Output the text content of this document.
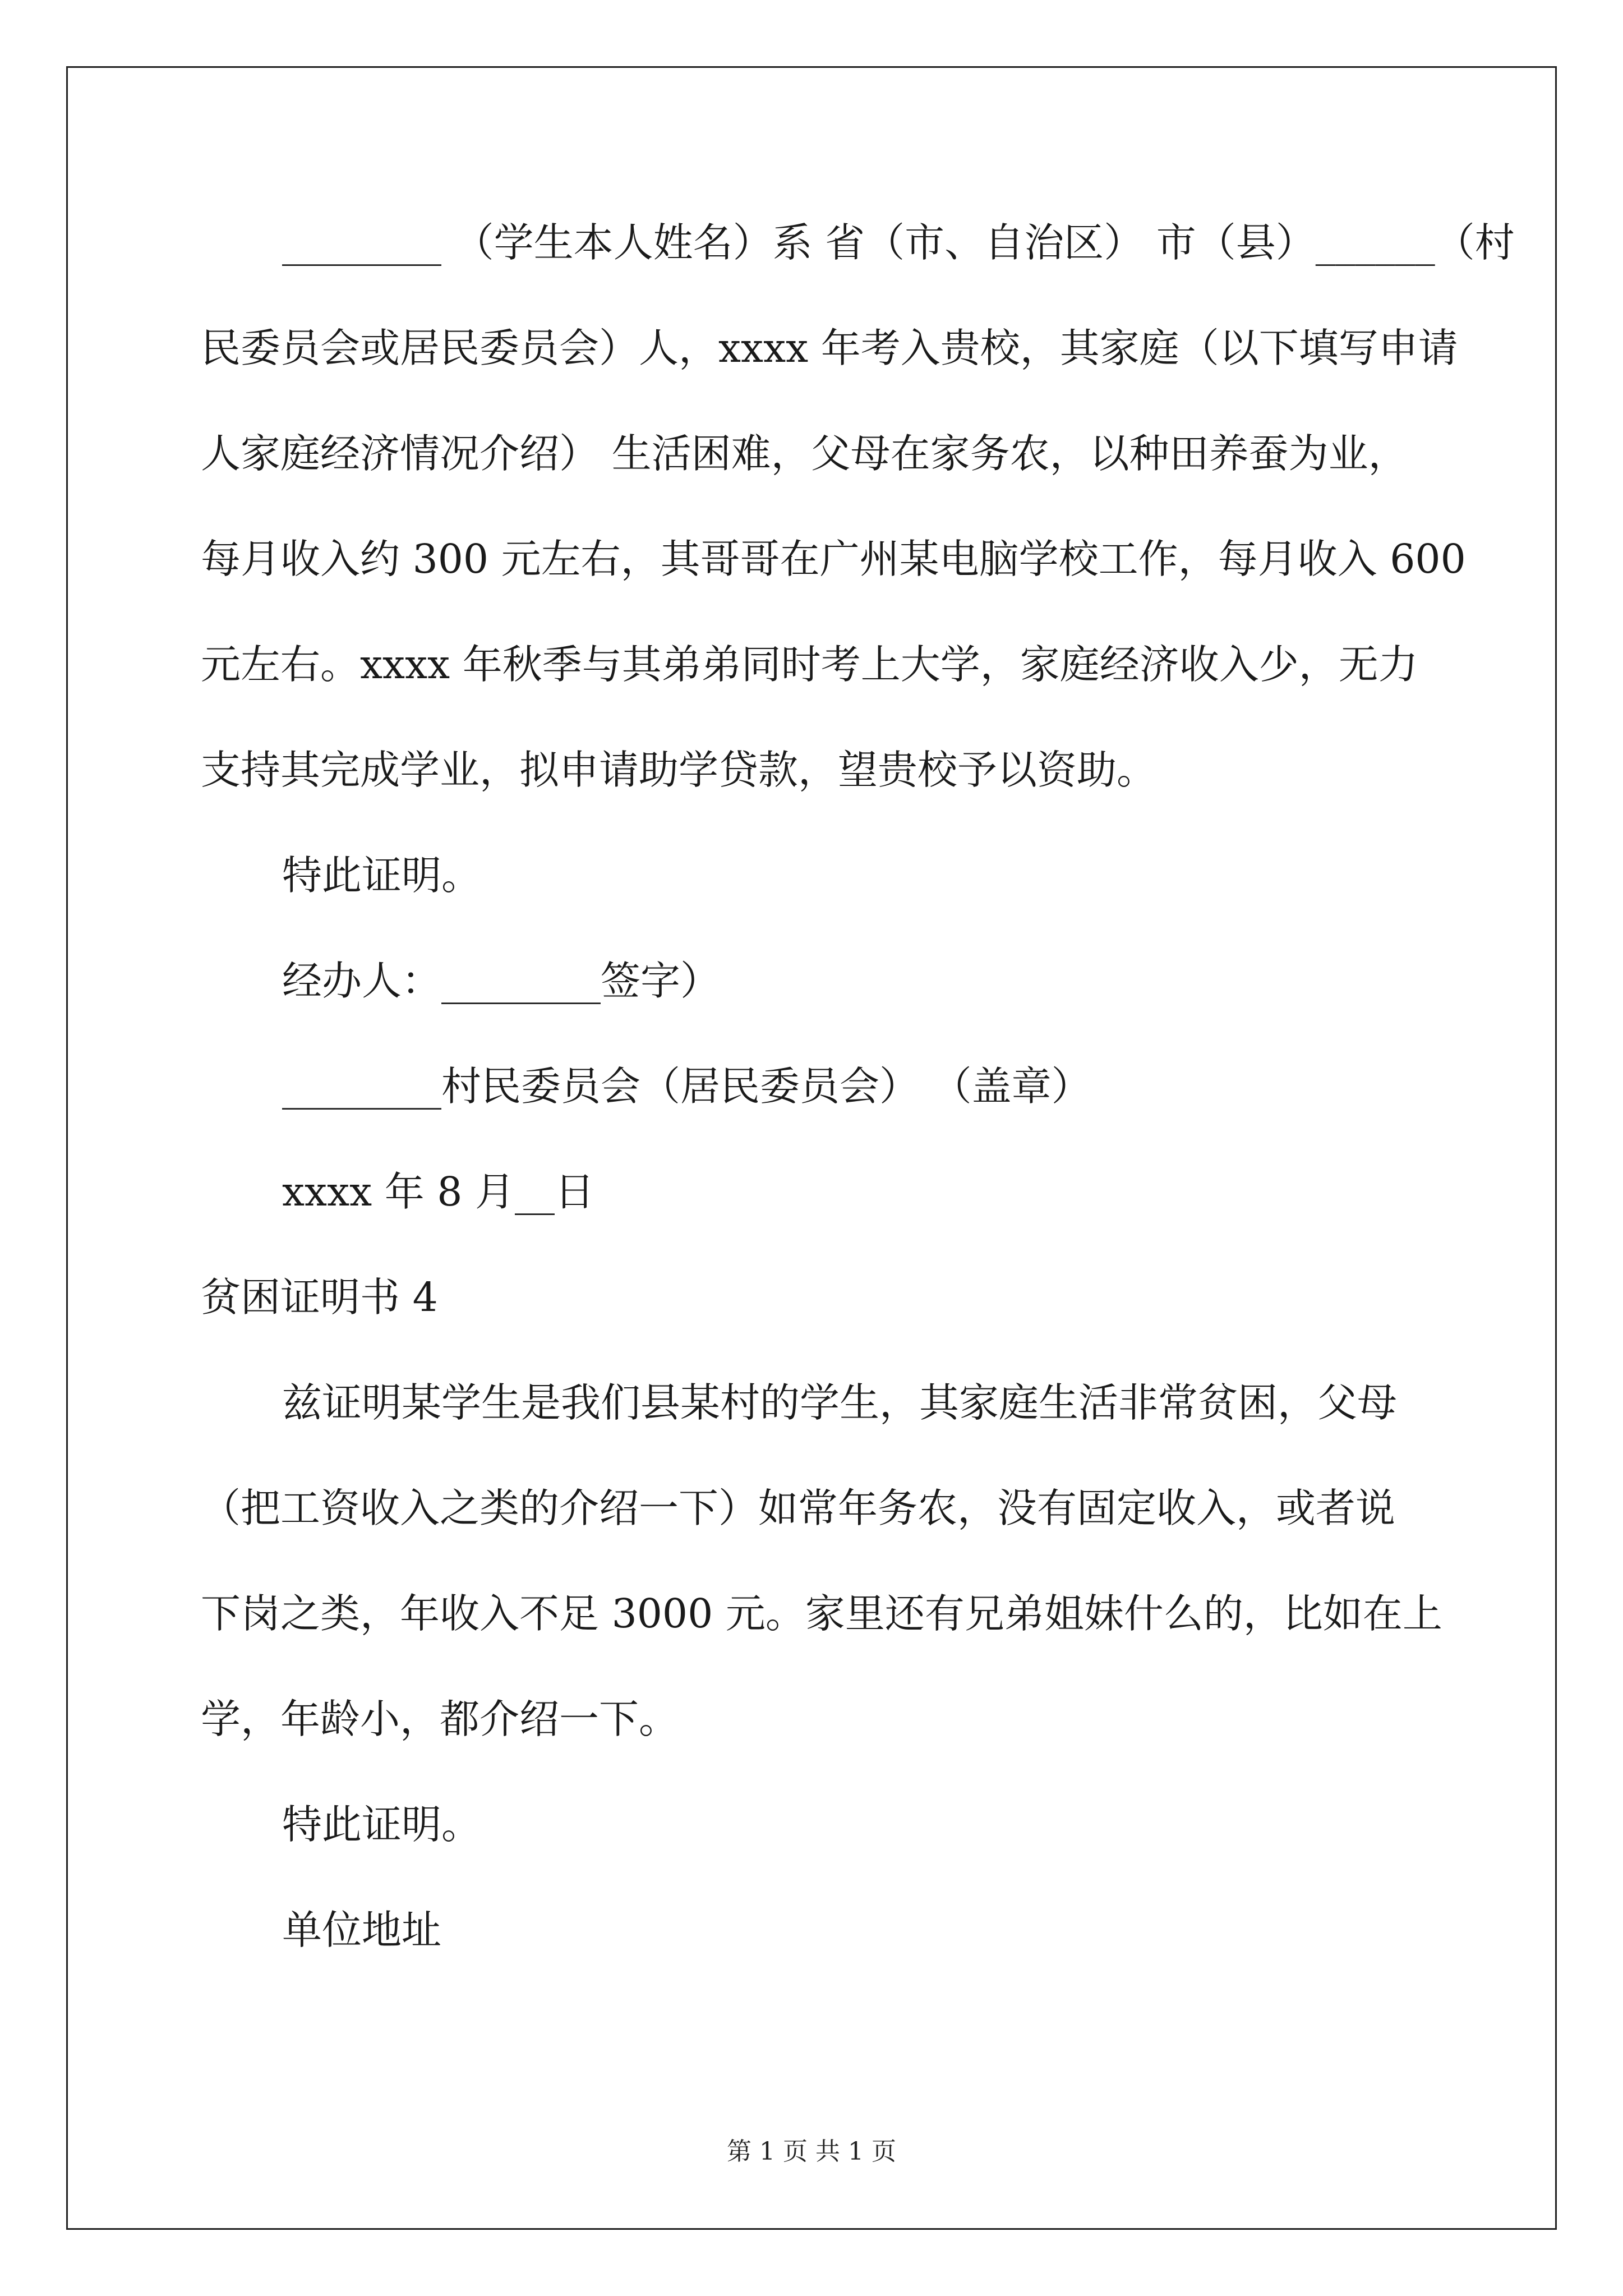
________ （学生本人姓名）系 省（市、自治区） 市（县）______（村
民委员会或居民委员会）人，xxxx 年考入贵校，其家庭（以下填写申请
人家庭经济情况介绍） 生活困难，父母在家务农，以种田养蚕为业，
每月收入约 300 元左右，其哥哥在广州某电脑学校工作，每月收入 600
元左右。xxxx 年秋季与其弟弟同时考上大学，家庭经济收入少，无力
支持其完成学业，拟申请助学贷款，望贵校予以资助。
特此证明。
经办人：________签字）
________村民委员会（居民委员会） （盖章）
xxxx 年 8 月__日
贫困证明书 4
兹证明某学生是我们县某村的学生，其家庭生活非常贫困，父母
（把工资收入之类的介绍一下）如常年务农，没有固定收入，或者说
下岗之类，年收入不足 3000 元。家里还有兄弟姐妹什么的，比如在上
学，年龄小，都介绍一下。
特此证明。
单位地址
第 1 页 共 1 页
